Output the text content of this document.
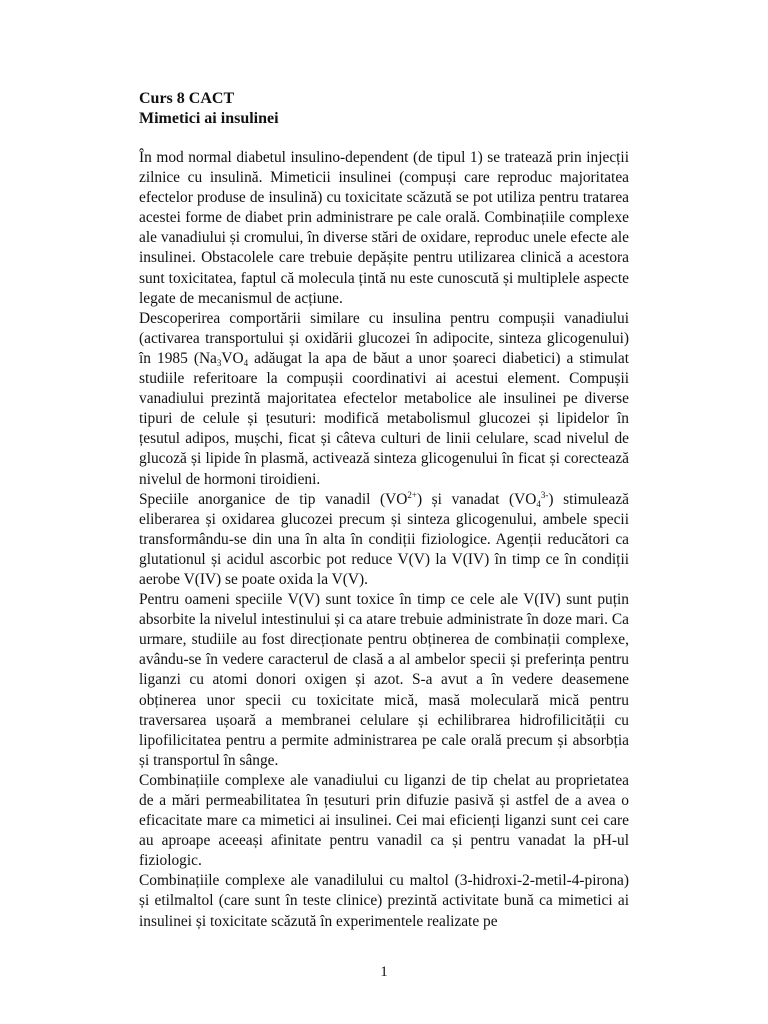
Curs 8 CACT
Mimetici ai insulinei

În mod normal diabetul insulino-dependent (de tipul 1) se tratează prin injecții zilnice cu insulină. Mimeticii insulinei (compuși care reproduc majoritatea efectelor produse de insulină) cu toxicitate scăzută se pot utiliza pentru tratarea acestei forme de diabet prin administrare pe cale orală. Combinațiile complexe ale vanadiului și cromului, în diverse stări de oxidare, reproduc unele efecte ale insulinei. Obstacolele care trebuie depășite pentru utilizarea clinică a acestora sunt toxicitatea, faptul că molecula țintă nu este cunoscută și multiplele aspecte legate de mecanismul de acțiune.

Descoperirea comportării similare cu insulina pentru compușii vanadiului (activarea transportului și oxidării glucozei în adipocite, sinteza glicogenului) în 1985 ($Na_3VO_4$ adăugat la apa de băut a unor șoareci diabetici) a stimulat studiile referitoare la compușii coordinativi ai acestui element. Compușii vanadiului prezintă majoritatea efectelor metabolice ale insulinei pe diverse tipuri de celule și țesuturi: modifică metabolismul glucozei și lipidelor în țesutul adipos, mușchi, ficat și câteva culturi de linii celulare, scad nivelul de glucoză și lipide în plasmă, activează sinteza glicogenului în ficat și corectează nivelul de hormoni tiroidieni.

Speciile anorganice de tip vanadil $(VO^{2+})$ și vanadat $(VO_4^{3-})$ stimulează eliberarea și oxidarea glucozei precum și sinteza glicogenului, ambele specii transformându-se din una în alta în condiții fiziologice. Agenții reducători ca glutationul și acidul ascorbic pot reduce V(V) la V(IV) în timp ce în condiții aerobe V(IV) se poate oxida la V(V).

Pentru oameni speciile V(V) sunt toxice în timp ce cele ale V(IV) sunt puțin absorbite la nivelul intestinului și ca atare trebuie administrate în doze mari. Ca urmare, studiile au fost direcționate pentru obținerea de combinații complexe, avându-se în vedere caracterul de clasă a al ambelor specii și preferința pentru liganzi cu atomi donori oxigen și azot. S-a avut a în vedere deasemene obținerea unor specii cu toxicitate mică, masă moleculară mică pentru traversarea ușoară a membranei celulare și echilibrarea hidrofilicității cu lipofilicitatea pentru a permite administrarea pe cale orală precum și absorbția și transportul în sânge.

Combinațiile complexe ale vanadiului cu liganzi de tip chelat au proprietatea de a mări permeabilitatea în țesuturi prin difuzie pasivă și astfel de a avea o eficacitate mare ca mimetici ai insulinei. Cei mai eficienți liganzi sunt cei care au aproape aceeași afinitate pentru vanadil ca și pentru vanadat la pH-ul fiziologic.

Combinațiile complexe ale vanadilului cu maltol (3-hidroxi-2-metil-4-pirona) și etilmaltol (care sunt în teste clinice) prezintă activitate bună ca mimetici ai insulinei și toxicitate scăzută în experimentele realizate pe

1
